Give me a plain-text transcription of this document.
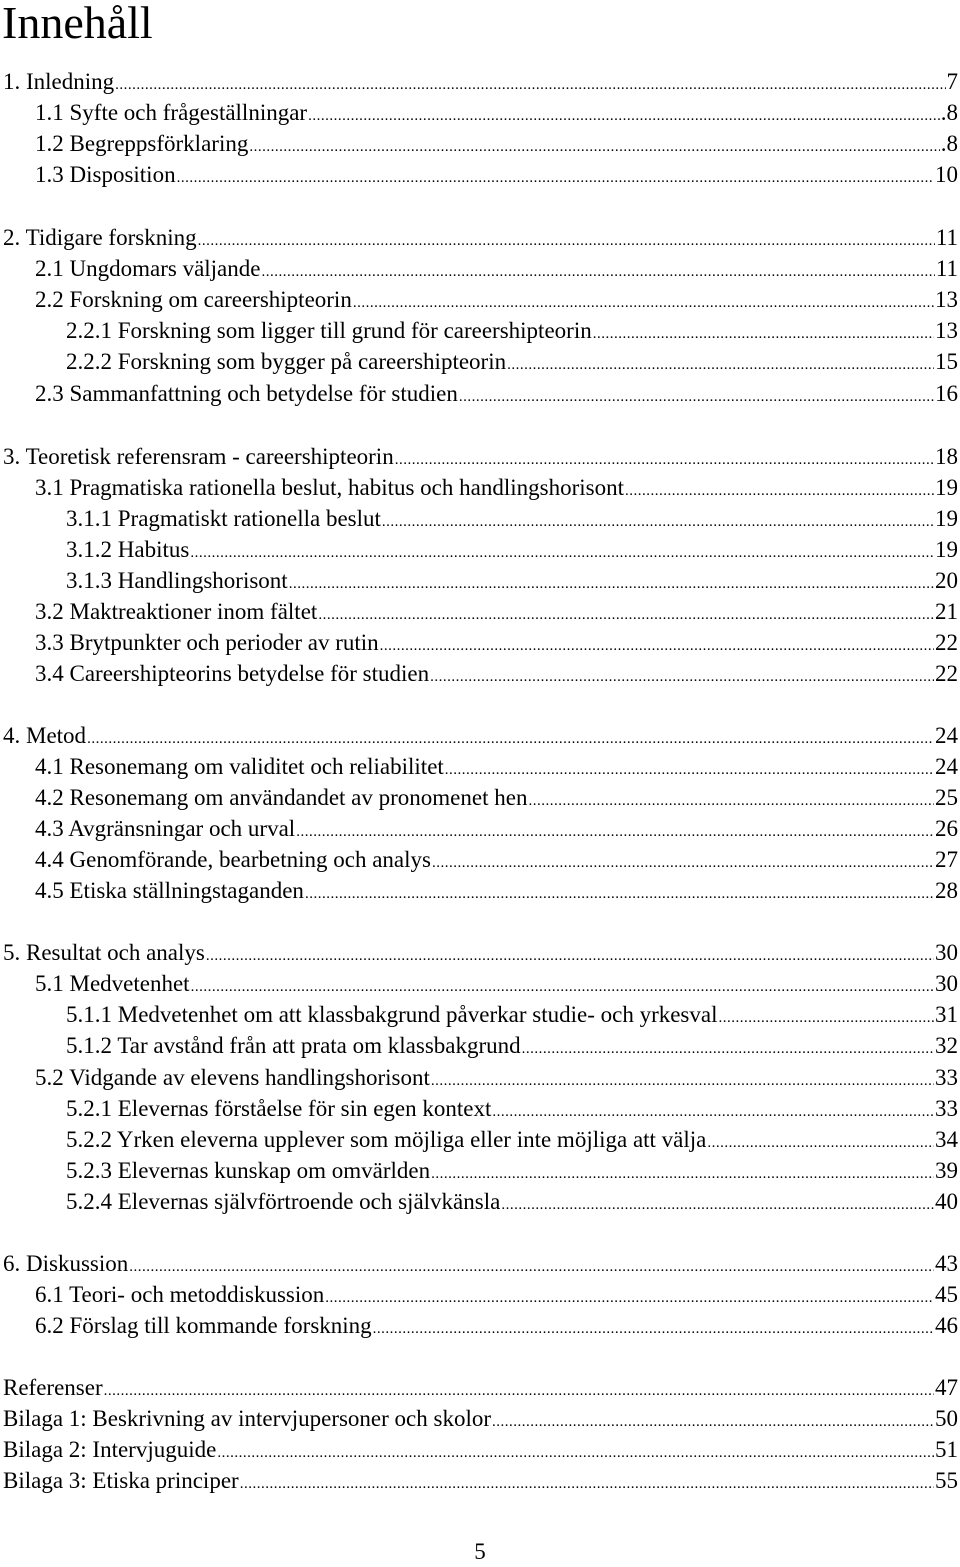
Innehåll
1. Inledning .....	7
1.1 Syfte och frågeställningar .....	.8
1.2 Begreppsförklaring .....	.8
1.3 Disposition .....	10
2. Tidigare forskning .....	11
2.1 Ungdomars väljande .....	11
2.2 Forskning om careershipteorin .....	13
2.2.1 Forskning som ligger till grund för careershipteorin .....	13
2.2.2 Forskning som bygger på careershipteorin .....	15
2.3 Sammanfattning och betydelse för studien .....	16
3. Teoretisk referensram - careershipteorin .....	18
3.1 Pragmatiska rationella beslut, habitus och handlingshorisont .....	19
3.1.1 Pragmatiskt rationella beslut .....	19
3.1.2 Habitus .....	19
3.1.3 Handlingshorisont .....	20
3.2 Maktreaktioner inom fältet .....	21
3.3 Brytpunkter och perioder av rutin .....	22
3.4 Careershipteorins betydelse för studien .....	22
4. Metod .....	24
4.1 Resonemang om validitet och reliabilitet .....	24
4.2 Resonemang om användandet av pronomenet hen .....	25
4.3 Avgränsningar och urval .....	26
4.4 Genomförande, bearbetning och analys .....	27
4.5 Etiska ställningstaganden .....	28
5. Resultat och analys .....	30
5.1 Medvetenhet .....	30
5.1.1 Medvetenhet om att klassbakgrund påverkar studie- och yrkesval .....	31
5.1.2 Tar avstånd från att prata om klassbakgrund .....	32
5.2 Vidgande av elevens handlingshorisont .....	33
5.2.1 Elevernas förståelse för sin egen kontext .....	33
5.2.2 Yrken eleverna upplever som möjliga eller inte möjliga att välja .....	34
5.2.3 Elevernas kunskap om omvärlden .....	39
5.2.4 Elevernas självförtroende och självkänsla .....	40
6. Diskussion .....	43
6.1 Teori- och metoddiskussion .....	45
6.2 Förslag till kommande forskning .....	46
Referenser .....	47
Bilaga 1: Beskrivning av intervjupersoner och skolor .....	50
Bilaga 2: Intervjuguide .....	51
Bilaga 3: Etiska principer .....	55
5
